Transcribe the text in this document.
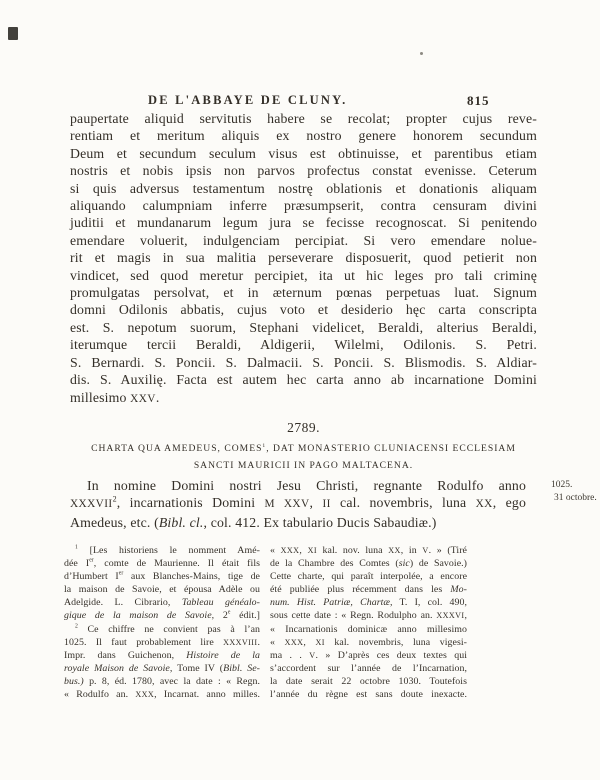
DE L'ABBAYE DE CLUNY.	815
paupertate aliquid servitutis habere se recolat; propter cujus reve-
rentiam et meritum aliquis ex nostro genere honorem secundum
Deum et secundum seculum visus est obtinuisse, et parentibus etiam
nostris et nobis ipsis non parvos profectus constat evenisse. Ceterum
si quis adversus testamentum nostrę oblationis et donationis aliquam
aliquando calumpniam inferre præsumpserit, contra censuram divini
juditii et mundanarum legum jura se fecisse recognoscat. Si penitendo
emendare voluerit, indulgenciam percipiat. Si vero emendare nolue-
rit et magis in sua malitia perseverare disposuerit, quod petierit non
vindicet, sed quod meretur percipiet, ita ut hic leges pro tali criminę
promulgatas persolvat, et in æternum pœnas perpetuas luat. Signum
domni Odilonis abbatis, cujus voto et desiderio hęc carta conscripta
est. S. nepotum suorum, Stephani videlicet, Beraldi, alterius Beraldi,
iterumque tercii Beraldi, Aldigerii, Wilelmi, Odilonis. S. Petri.
S. Bernardi. S. Poncii. S. Dalmacii. S. Poncii. S. Blismodis. S. Aldiar-
dis. S. Auxilię. Facta est autem hec carta anno ab incarnatione Domini
millesimo XXV.
2789.
CHARTA QUA AMEDEUS, COMES$^1$, DAT MONASTERIO CLUNIACENSI ECCLESIAM
SANCTI MAURICII IN PAGO MALTACENA.
In nomine Domini nostri Jesu Christi, regnante Rodulfo anno
XXXVII$^2$, incarnationis Domini M XXV, II cal. novembris, luna XX, ego
Amedeus, etc. (Bibl. cl., col. 412. Ex tabulario Ducis Sabaudiæ.)
1025.
31 octobre.
$^1$ [Les historiens le nomment Amé-
dée Ier, comte de Maurienne. Il était fils
d’Humbert Ier aux Blanches-Mains, tige de
la maison de Savoie, et épousa Adèle ou
Adelgide. L. Cibrario, Tableau généalo-
gique de la maison de Savoie, 2e édit.]
$^2$ Ce chiffre ne convient pas à l’an
1025. Il faut probablement lire XXXVIII.
Impr. dans Guichenon, Histoire de la
royale Maison de Savoie, Tome IV (Bibl. Se-
bus.) p. 8, éd. 1780, avec la date : « Regn.
« Rodulfo an. XXX, Incarnat. anno milles.
« XXX, XI kal. nov. luna XX, in V. » (Tiré
de la Chambre des Comtes (sic) de Savoie.)
Cette charte, qui paraît interpolée, a encore
été publiée plus récemment dans les Mo-
num. Hist. Patriæ, Chartæ, T. I, col. 490,
sous cette date : « Regn. Rodulpho an. XXXVI,
« Incarnationis dominicæ anno millesimo
« XXX, XI kal. novembris, luna vigesi-
ma . . V. » D’après ces deux textes qui
s’accordent sur l’année de l’Incarnation,
la date serait 22 octobre 1030. Toutefois
l’année du règne est sans doute inexacte.
